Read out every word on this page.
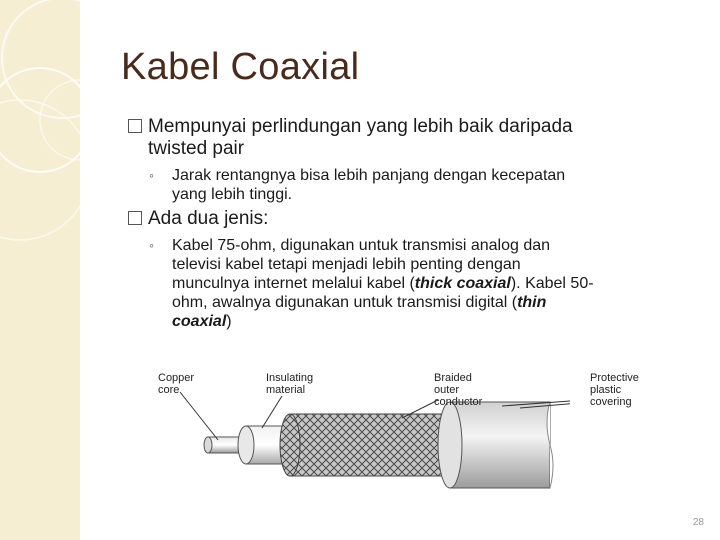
Kabel Coaxial
Mempunyai perlindungan yang lebih baik daripada
twisted pair
◦ Jarak rentangnya bisa lebih panjang dengan kecepatan
yang lebih tinggi.
Ada dua jenis:
◦ Kabel 75-ohm, digunakan untuk transmisi analog dan
televisi kabel tetapi menjadi lebih penting dengan
munculnya internet melalui kabel (thick coaxial). Kabel 50-
ohm, awalnya digunakan untuk transmisi digital (thin
coaxial)
Copper
core
Insulating
material
Braided
outer
conductor
Protective
plastic
covering
28
